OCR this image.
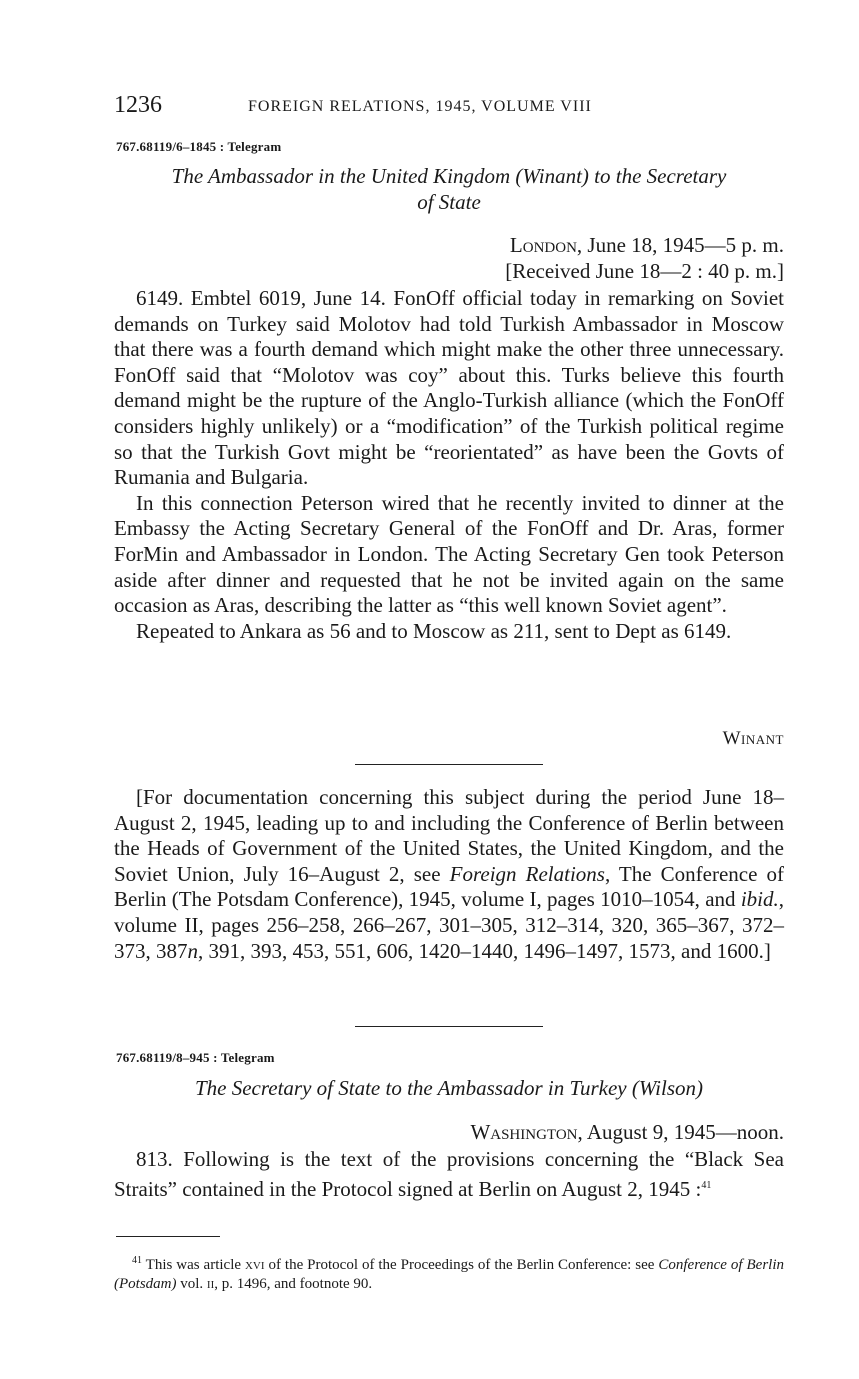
1236	FOREIGN RELATIONS, 1945, VOLUME VIII
767.68119/6–1845 : Telegram
The Ambassador in the United Kingdom (Winant) to the Secretary
of State
London, June 18, 1945—5 p. m.
[Received June 18—2 : 40 p. m.]

6149. Embtel 6019, June 14. FonOff official today in remarking on Soviet demands on Turkey said Molotov had told Turkish Ambassador in Moscow that there was a fourth demand which might make the other three unnecessary. FonOff said that “Molotov was coy” about this. Turks believe this fourth demand might be the rupture of the Anglo-Turkish alliance (which the FonOff considers highly unlikely) or a “modification” of the Turkish political regime so that the Turkish Govt might be “reorientated” as have been the Govts of Rumania and Bulgaria.

In this connection Peterson wired that he recently invited to dinner at the Embassy the Acting Secretary General of the FonOff and Dr. Aras, former ForMin and Ambassador in London. The Acting Secretary Gen took Peterson aside after dinner and requested that he not be invited again on the same occasion as Aras, describing the latter as “this well known Soviet agent”.

Repeated to Ankara as 56 and to Moscow as 211, sent to Dept as 6149.

Winant
[For documentation concerning this subject during the period June 18–August 2, 1945, leading up to and including the Conference of Berlin between the Heads of Government of the United States, the United Kingdom, and the Soviet Union, July 16–August 2, see Foreign Relations, The Conference of Berlin (The Potsdam Conference), 1945, volume I, pages 1010–1054, and ibid., volume II, pages 256–258, 266–267, 301–305, 312–314, 320, 365–367, 372–373, 387n, 391, 393, 453, 551, 606, 1420–1440, 1496–1497, 1573, and 1600.]
767.68119/8–945 : Telegram
The Secretary of State to the Ambassador in Turkey (Wilson)
Washington, August 9, 1945—noon.

813. Following is the text of the provisions concerning the “Black Sea Straits” contained in the Protocol signed at Berlin on August 2, 1945 :$^{41}$

$^{41}$ This was article xvi of the Protocol of the Proceedings of the Berlin Conference: see Conference of Berlin (Potsdam) vol. ii, p. 1496, and footnote 90.
